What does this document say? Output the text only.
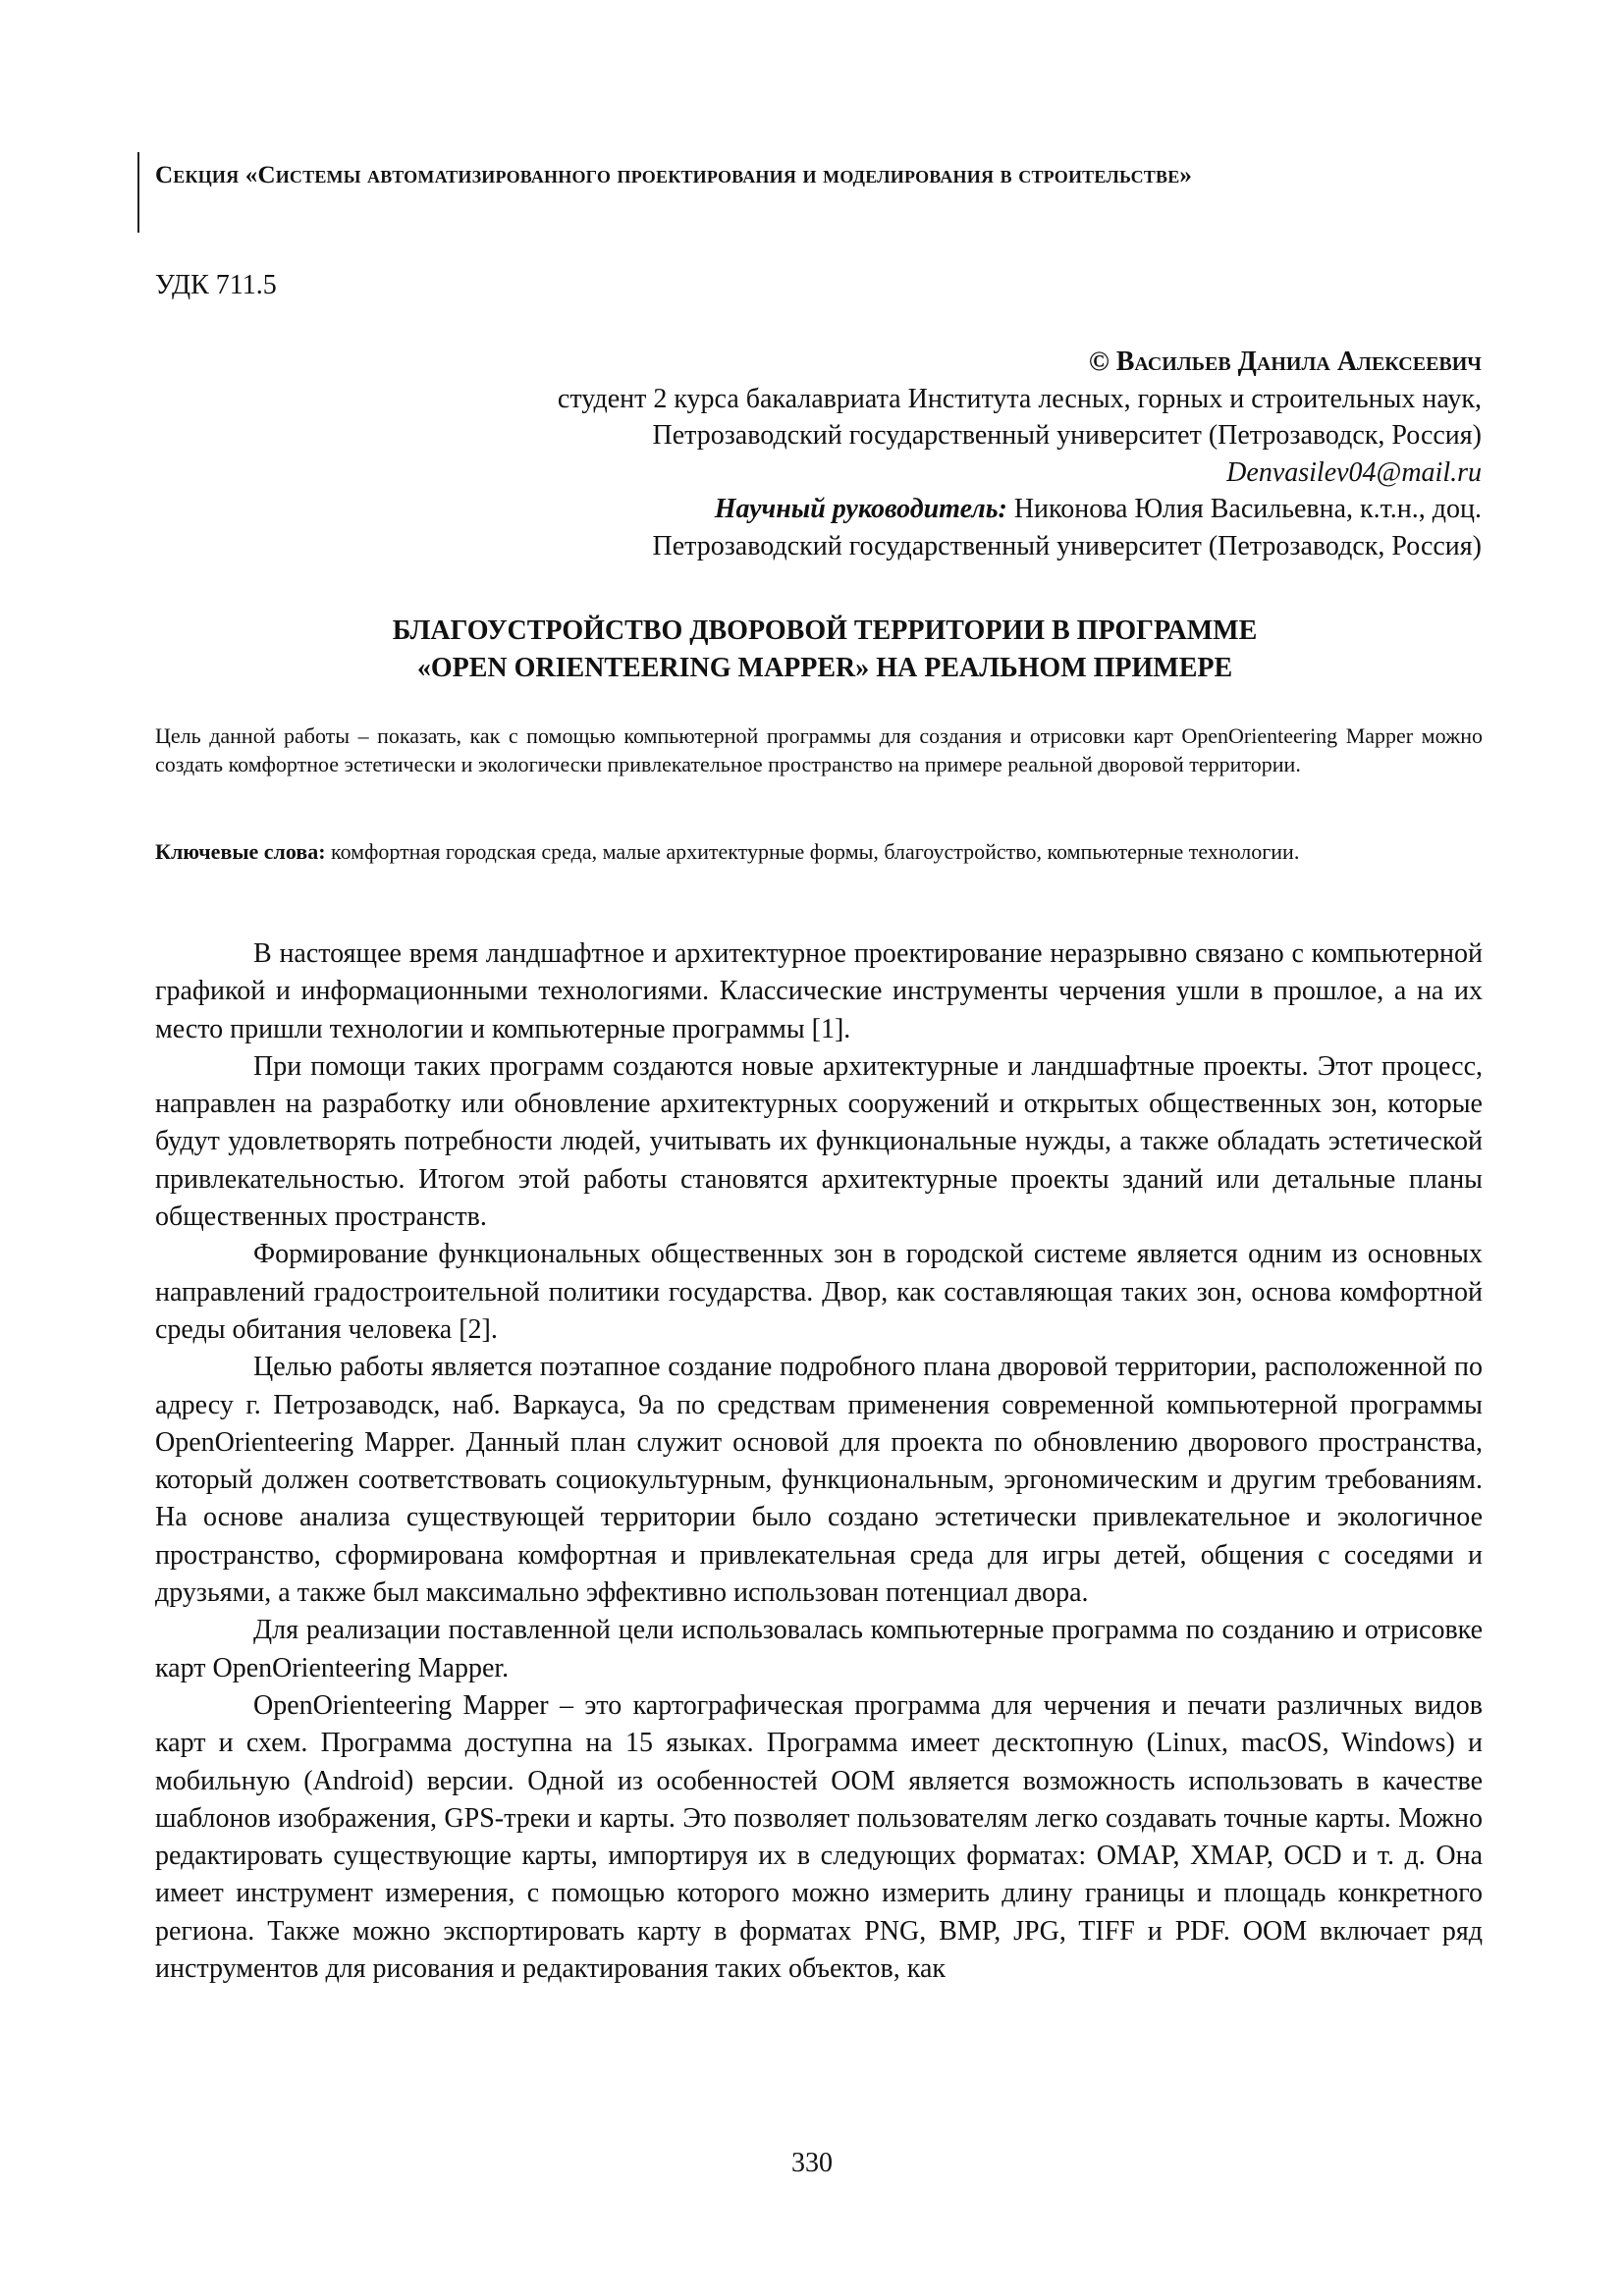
Секция «Системы автоматизированного проектирования и моделирования в строительстве»
УДК 711.5
© Васильев Данила Алексеевич
студент 2 курса бакалавриата Института лесных, горных и строительных наук,
Петрозаводский государственный университет (Петрозаводск, Россия)
Denvasilev04@mail.ru
Научный руководитель: Никонова Юлия Васильевна, к.т.н., доц.
Петрозаводский государственный университет (Петрозаводск, Россия)
БЛАГОУСТРОЙСТВО ДВОРОВОЙ ТЕРРИТОРИИ В ПРОГРАММЕ
«OPEN ORIENTEERING MAPPER» НА РЕАЛЬНОМ ПРИМЕРЕ
Цель данной работы – показать, как с помощью компьютерной программы для создания и отрисовки карт OpenOrienteering Mapper можно создать комфортное эстетически и экологически привлекательное пространство на примере реальной дворовой территории.
Ключевые слова: комфортная городская среда, малые архитектурные формы, благоустройство, компьютерные технологии.

В настоящее время ландшафтное и архитектурное проектирование неразрывно связано с компьютерной графикой и информационными технологиями. Классические инструменты черчения ушли в прошлое, а на их место пришли технологии и компьютерные программы [1].

При помощи таких программ создаются новые архитектурные и ландшафтные проекты. Этот процесс, направлен на разработку или обновление архитектурных сооружений и открытых общественных зон, которые будут удовлетворять потребности людей, учитывать их функциональные нужды, а также обладать эстетической привлекательностью. Итогом этой работы становятся архитектурные проекты зданий или детальные планы общественных пространств.

Формирование функциональных общественных зон в городской системе является одним из основных направлений градостроительной политики государства. Двор, как составляющая таких зон, основа комфортной среды обитания человека [2].

Целью работы является поэтапное создание подробного плана дворовой территории, расположенной по адресу г. Петрозаводск, наб. Варкауса, 9а по средствам применения современной компьютерной программы OpenOrienteering Mapper. Данный план служит основой для проекта по обновлению дворового пространства, который должен соответствовать социокультурным, функциональным, эргономическим и другим требованиям. На основе анализа существующей территории было создано эстетически привлекательное и экологичное пространство, сформирована комфортная и привлекательная среда для игры детей, общения с соседями и друзьями, а также был максимально эффективно использован потенциал двора.

Для реализации поставленной цели использовалась компьютерные программа по созданию и отрисовке карт OpenOrienteering Mapper.

OpenOrienteering Mapper – это картографическая программа для черчения и печати различных видов карт и схем. Программа доступна на 15 языках. Программа имеет десктопную (Linux, macOS, Windows) и мобильную (Android) версии. Одной из особенностей OOM является возможность использовать в качестве шаблонов изображения, GPS-треки и карты. Это позволяет пользователям легко создавать точные карты. Можно редактировать существующие карты, импортируя их в следующих форматах: OMAP, XMAP, OCD и т. д. Она имеет инструмент измерения, с помощью которого можно измерить длину границы и площадь конкретного региона. Также можно экспортировать карту в форматах PNG, BMP, JPG, TIFF и PDF. OOM включает ряд инструментов для рисования и редактирования таких объектов, как

330
